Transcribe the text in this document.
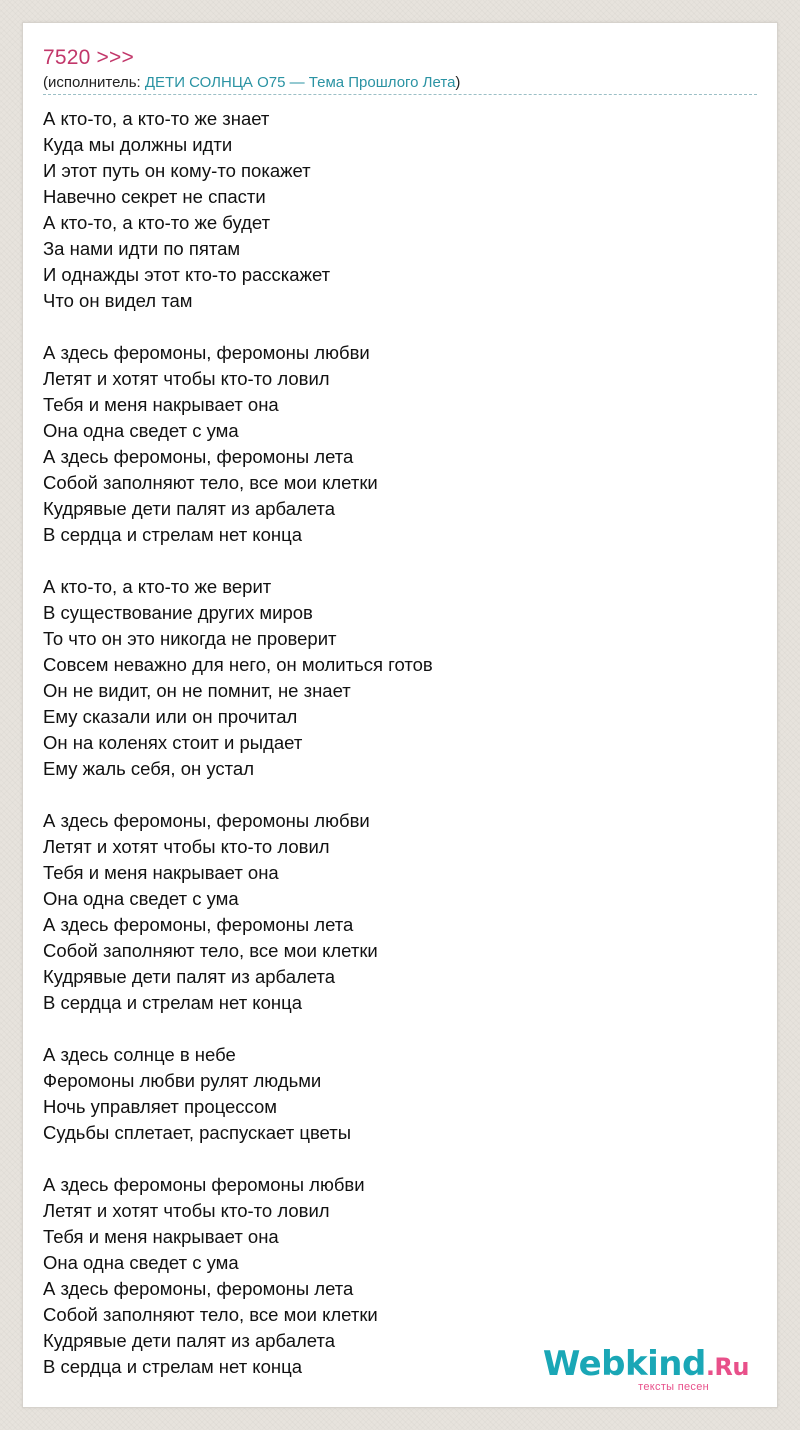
7520 >>>
(исполнитель: ДЕТИ СОЛНЦА О75 — Тема Прошлого Лета)
А кто-то, а кто-то же знает
Куда мы должны идти
И этот путь он кому-то покажет
Навечно секрет не спасти
А кто-то, а кто-то же будет
За нами идти по пятам
И однажды этот кто-то расскажет
Что он видел там
А здесь феромоны, феромоны любви
Летят и хотят чтобы кто-то ловил
Тебя и меня накрывает она
Она одна сведет с ума
А здесь феромоны, феромоны лета
Собой заполняют тело, все мои клетки
Кудрявые дети палят из арбалета
В сердца и стрелам нет конца
А кто-то, а кто-то же верит
В существование других миров
То что он это никогда не проверит
Совсем неважно для него, он молиться готов
Он не видит, он не помнит, не знает
Ему сказали или он прочитал
Он на коленях стоит и рыдает
Ему жаль себя, он устал
А здесь феромоны, феромоны любви
Летят и хотят чтобы кто-то ловил
Тебя и меня накрывает она
Она одна сведет с ума
А здесь феромоны, феромоны лета
Собой заполняют тело, все мои клетки
Кудрявые дети палят из арбалета
В сердца и стрелам нет конца
А здесь солнце в небе
Феромоны любви рулят людьми
Ночь управляет процессом
Судьбы сплетает, распускает цветы
А здесь феромоны феромоны любви
Летят и хотят чтобы кто-то ловил
Тебя и меня накрывает она
Она одна сведет с ума
А здесь феромоны, феромоны лета
Собой заполняют тело, все мои клетки
Кудрявые дети палят из арбалета
В сердца и стрелам нет конца	Webkind.Ru
тексты песен
